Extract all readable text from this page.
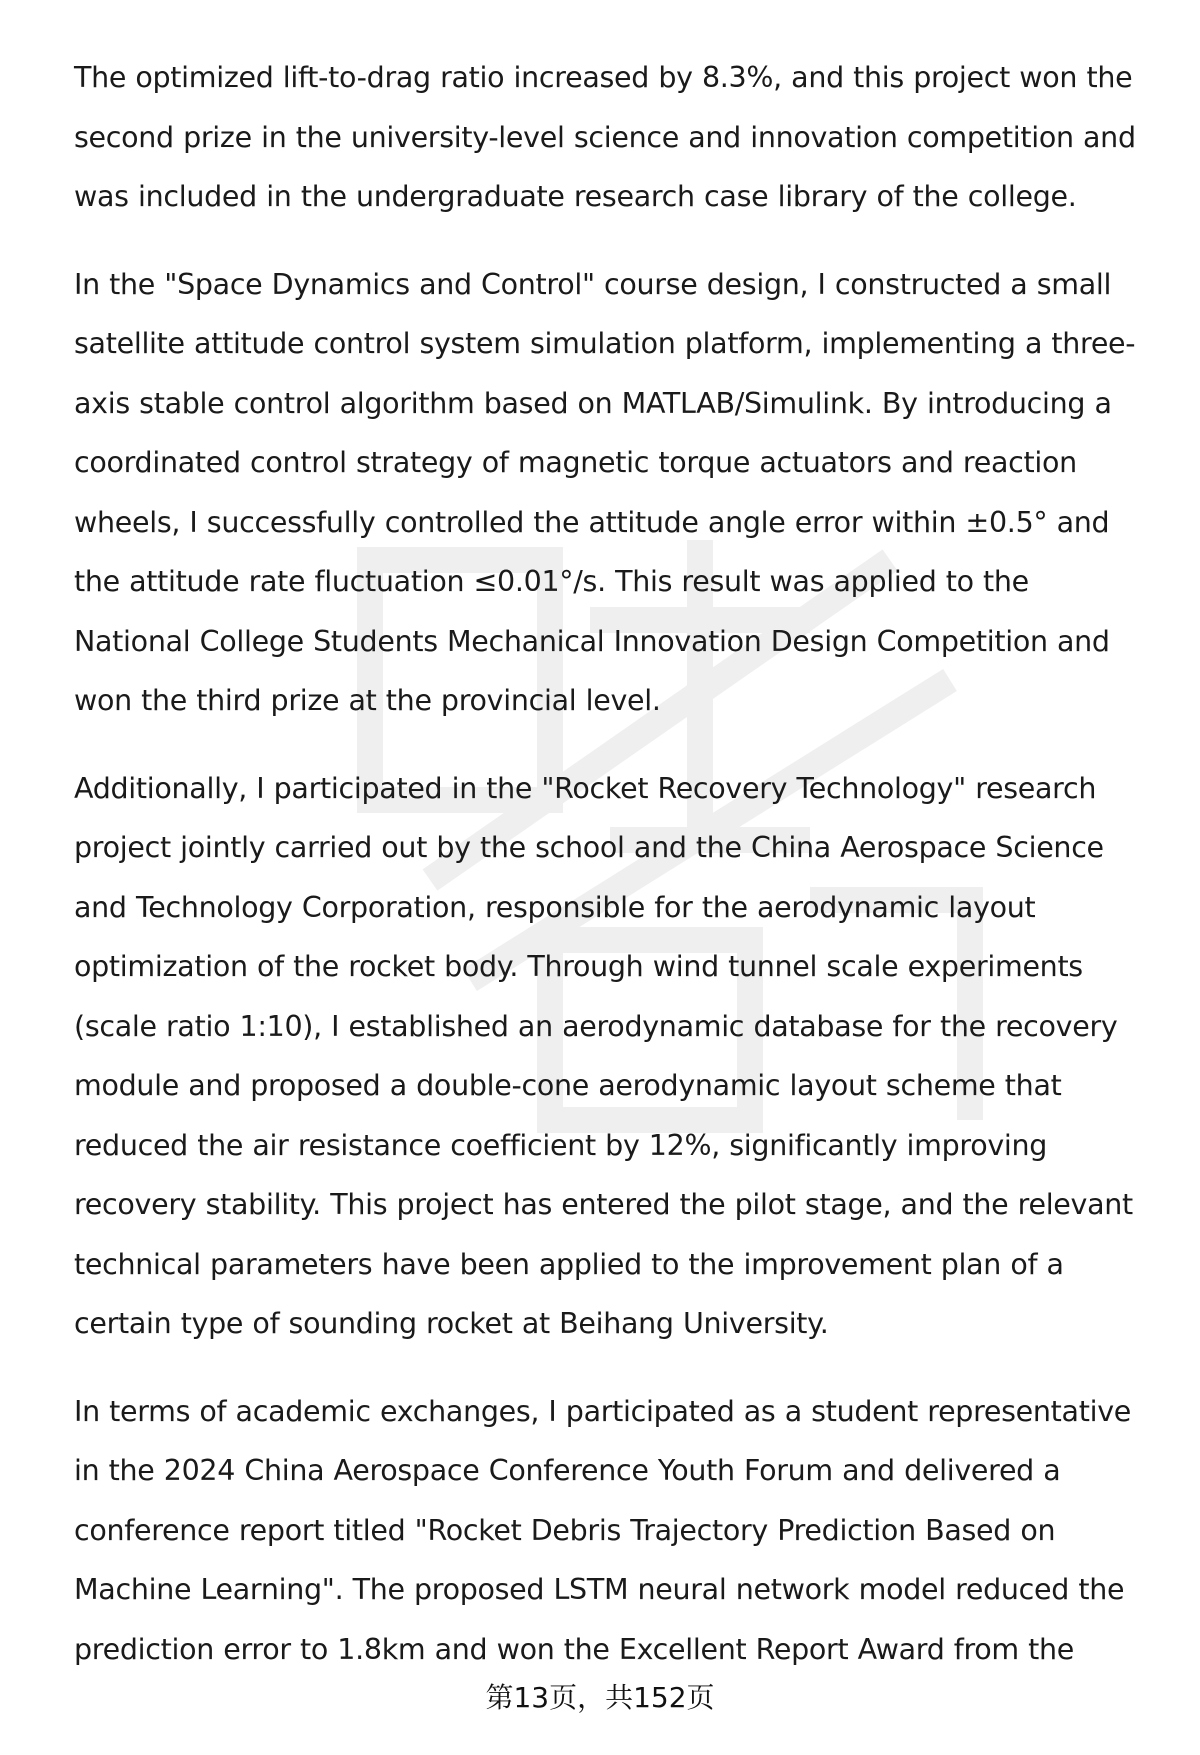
The optimized lift-to-drag ratio increased by 8.3%, and this project won the second prize in the university-level science and innovation competition and was included in the undergraduate research case library of the college.

In the "Space Dynamics and Control" course design, I constructed a small satellite attitude control system simulation platform, implementing a three-axis stable control algorithm based on MATLAB/Simulink. By introducing a coordinated control strategy of magnetic torque actuators and reaction wheels, I successfully controlled the attitude angle error within ±0.5° and the attitude rate fluctuation ≤0.01°/s. This result was applied to the National College Students Mechanical Innovation Design Competition and won the third prize at the provincial level.

Additionally, I participated in the "Rocket Recovery Technology" research project jointly carried out by the school and the China Aerospace Science and Technology Corporation, responsible for the aerodynamic layout optimization of the rocket body. Through wind tunnel scale experiments (scale ratio 1:10), I established an aerodynamic database for the recovery module and proposed a double-cone aerodynamic layout scheme that reduced the air resistance coefficient by 12%, significantly improving recovery stability. This project has entered the pilot stage, and the relevant technical parameters have been applied to the improvement plan of a certain type of sounding rocket at Beihang University.

In terms of academic exchanges, I participated as a student representative in the 2024 China Aerospace Conference Youth Forum and delivered a conference report titled "Rocket Debris Trajectory Prediction Based on Machine Learning". The proposed LSTM neural network model reduced the prediction error to 1.8km and won the Excellent Report Award from the

第13页，共152页
